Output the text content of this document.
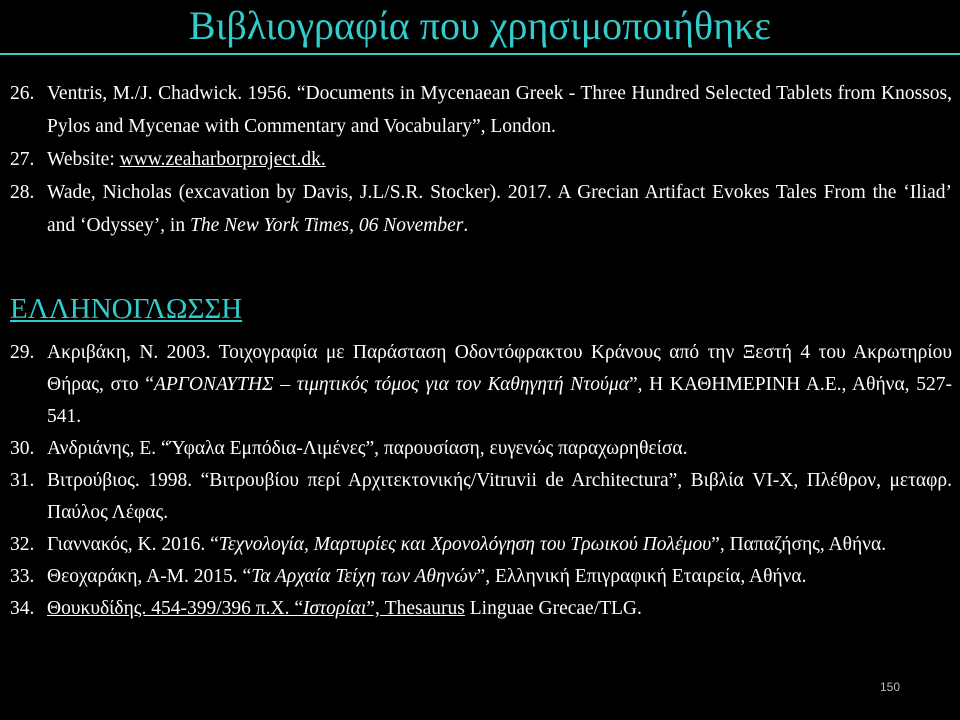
Βιβλιογραφία που χρησιμοποιήθηκε
26. Ventris, M./J. Chadwick. 1956. “Documents in Mycenaean Greek - Three Hundred Selected Tablets from Knossos, Pylos and Mycenae with Commentary and Vocabulary”, London.
27. Website: www.zeaharborproject.dk.
28. Wade, Nicholas (excavation by Davis, J.L/S.R. Stocker). 2017. A Grecian Artifact Evokes Tales From the ‘Iliad’ and ‘Odyssey’, in The New York Times, 06 November.
ΕΛΛΗΝΟΓΛΩΣΣΗ
29. Ακριβάκη, Ν. 2003. Τοιχογραφία με Παράσταση Οδοντόφρακτου Κράνους από την Ξεστή 4 του Ακρωτηρίου Θήρας, στο “ΑΡΓΟΝΑΥΤΗΣ – τιμητικός τόμος για τον Καθηγητή Ντούμα”, Η ΚΑΘΗΜΕΡΙΝΗ Α.Ε., Αθήνα, 527-541.
30. Ανδριάνης, Ε. “Ύφαλα Εμπόδια-Λιμένες”, παρουσίαση, ευγενώς παραχωρηθείσα.
31. Βιτρούβιος. 1998. “Βιτρουβίου περί Αρχιτεκτονικής/Vitruvii de Architectura”, Βιβλία VI-X, Πλέθρον, μεταφρ. Παύλος Λέφας.
32. Γιαννακός, Κ. 2016. “Τεχνολογία, Μαρτυρίες και Χρονολόγηση του Τρωικού Πολέμου”, Παπαζήσης, Αθήνα.
33. Θεοχαράκη, Α-Μ. 2015. “Τα Αρχαία Τείχη των Αθηνών”, Ελληνική Επιγραφική Εταιρεία, Αθήνα.
34. Θουκυδίδης. 454-399/396 π.Χ. “Ιστορίαι”, Thesaurus Linguae Grecae/TLG.
150
